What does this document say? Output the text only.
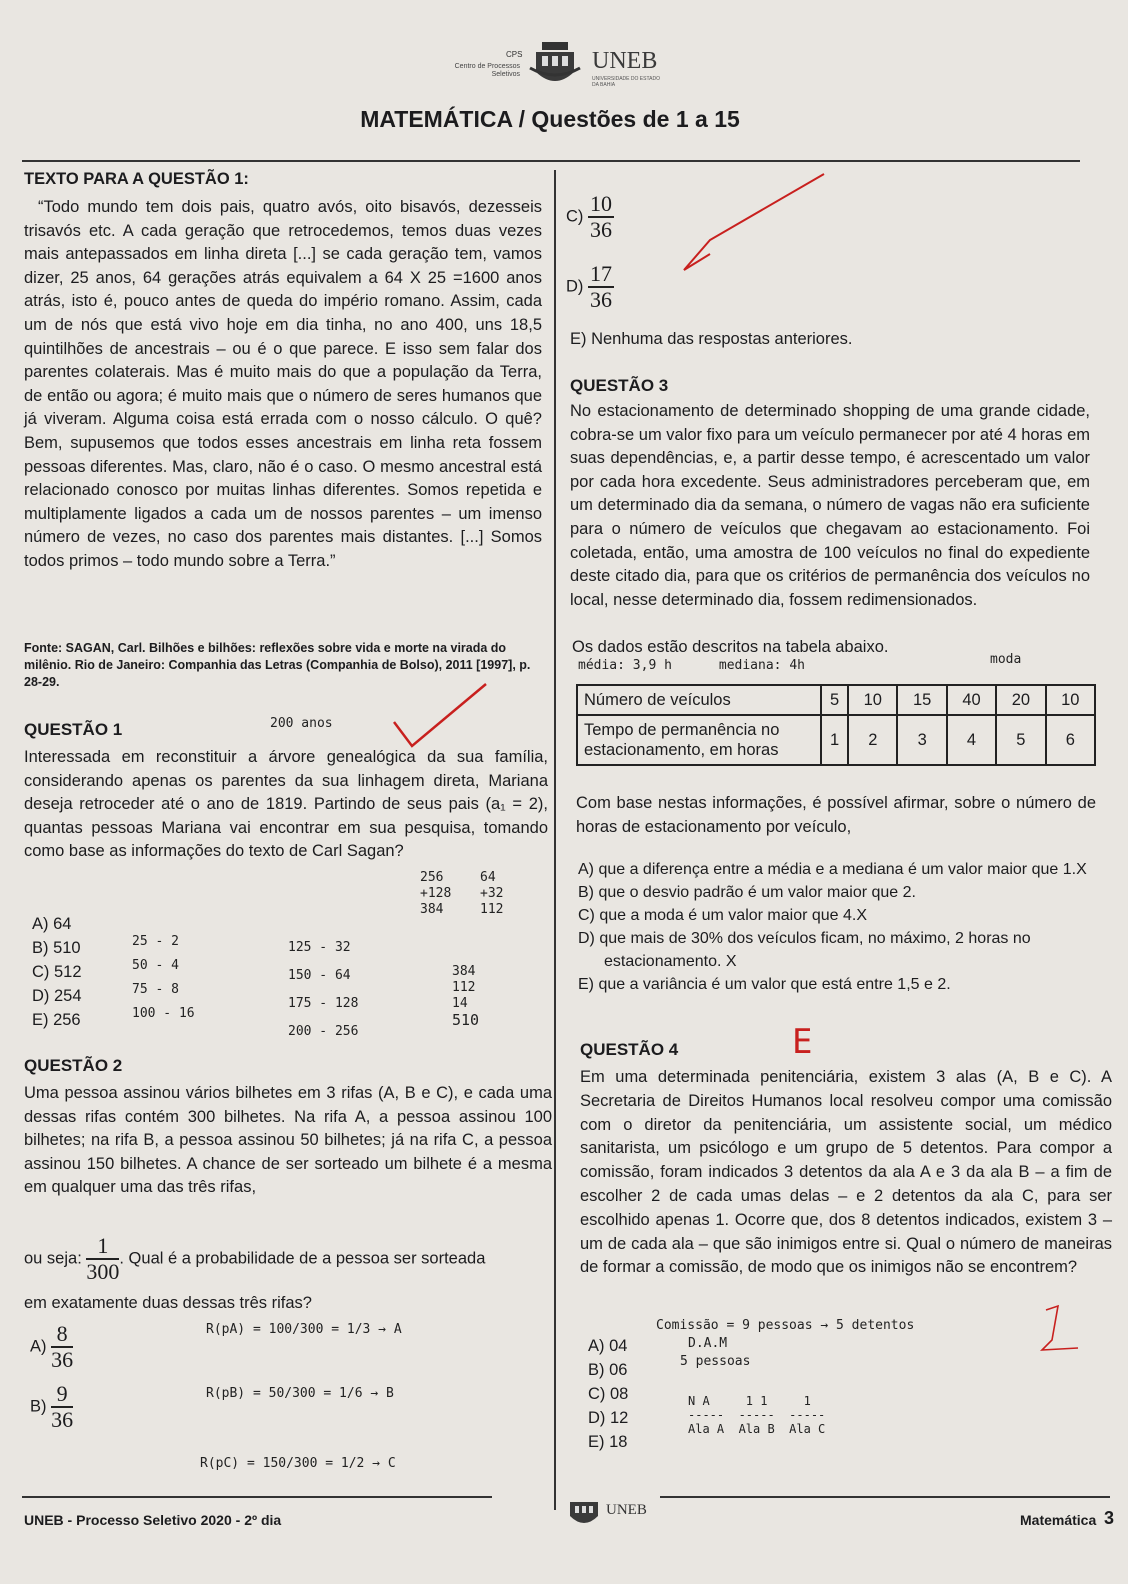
CPS
Centro de Processos Seletivos
UNEB
UNIVERSIDADE DO ESTADO DA BAHIA
MATEMÁTICA / Questões de 1 a 15
TEXTO PARA A QUESTÃO 1:

“Todo mundo tem dois pais, quatro avós, oito bisavós, dezesseis trisavós etc. A cada geração que retrocedemos, temos duas vezes mais antepassados em linha direta [...] se cada geração tem, vamos dizer, 25 anos, 64 gerações atrás equivalem a 64 X 25 =1600 anos atrás, isto é, pouco antes de queda do império romano. Assim, cada um de nós que está vivo hoje em dia tinha, no ano 400, uns 18,5 quintilhões de ancestrais – ou é o que parece. E isso sem falar dos parentes colaterais. Mas é muito mais do que a população da Terra, de então ou agora; é muito mais que o número de seres humanos que já viveram. Alguma coisa está errada com o nosso cálculo. O quê? Bem, supusemos que todos esses ancestrais em linha reta fossem pessoas diferentes. Mas, claro, não é o caso. O mesmo ancestral está relacionado conosco por muitas linhas diferentes. Somos repetida e multiplamente ligados a cada um de nossos parentes – um imenso número de vezes, no caso dos parentes mais distantes. [...] Somos todos primos – todo mundo sobre a Terra.”

Fonte: SAGAN, Carl. Bilhões e bilhões: reflexões sobre vida e morte na virada do milênio. Rio de Janeiro: Companhia das Letras (Companhia de Bolso), 2011 [1997], p. 28-29.

QUESTÃO 1	200 anos

Interessada em reconstituir a árvore genealógica da sua família, considerando apenas os parentes da sua linhagem direta, Mariana deseja retroceder até o ano de 1819. Partindo de seus pais (a₁ = 2), quantas pessoas Mariana vai encontrar em sua pesquisa, tomando como base as informações do texto de Carl Sagan?

A) 64
B) 510
C) 512
D) 254
E) 256
25 - 2
50 - 4
75 - 8
100 - 16
125 - 32
150 - 64
175 - 128
200 - 256
256
+128
384
64
+32
112
384
112
14
510
QUESTÃO 2

Uma pessoa assinou vários bilhetes em 3 rifas (A, B e C), e cada uma dessas rifas contém 300 bilhetes. Na rifa A, a pessoa assinou 100 bilhetes; na rifa B, a pessoa assinou 50 bilhetes; já na rifa C, a pessoa assinou 150 bilhetes. A chance de ser sorteado um bilhete é a mesma em qualquer uma das três rifas,

ou seja: $\frac{1}{300}$ . Qual é a probabilidade de a pessoa ser sorteada
em exatamente duas dessas três rifas?
$A) \frac{8}{36}$
$B) \frac{9}{36}$
R(pA) = 100/300 = 1/3 → A
R(pB) = 50/300 = 1/6 → B
R(pC) = 150/300 = 1/2 → C
$C) \frac{10}{36}$
$D) \frac{17}{36}$
E) Nenhuma das respostas anteriores.
QUESTÃO 3

No estacionamento de determinado shopping de uma grande cidade, cobra-se um valor fixo para um veículo permanecer por até 4 horas em suas dependências, e, a partir desse tempo, é acrescentado um valor por cada hora excedente. Seus administradores perceberam que, em um determinado dia da semana, o número de vagas não era suficiente para o número de veículos que chegavam ao estacionamento. Foi coletada, então, uma amostra de 100 veículos no final do expediente deste citado dia, para que os critérios de permanência dos veículos no local, nesse determinado dia, fossem redimensionados.

Os dados estão descritos na tabela abaixo.
média: 3,9 h      mediana: 4h	moda
Número de veículos	5	10	15	40	20	10
Tempo de permanência no estacionamento, em horas	1	2	3	4	5	6

Com base nestas informações, é possível afirmar, sobre o número de horas de estacionamento por veículo,

A) que a diferença entre a média e a mediana é um valor maior que 1.X
B) que o desvio padrão é um valor maior que 2.
C) que a moda é um valor maior que 4.X
D) que mais de 30% dos veículos ficam, no máximo, 2 horas no estacionamento. X
E) que a variância é um valor que está entre 1,5 e 2.
E
QUESTÃO 4

Em uma determinada penitenciária, existem 3 alas (A, B e C). A Secretaria de Direitos Humanos local resolveu compor uma comissão com o diretor da penitenciária, um assistente social, um médico sanitarista, um psicólogo e um grupo de 5 detentos. Para compor a comissão, foram indicados 3 detentos da ala A e 3 da ala B – a fim de escolher 2 de cada umas delas – e 2 detentos da ala C, para ser escolhido apenas 1. Ocorre que, dos 8 detentos indicados, existem 3 – um de cada ala – que são inimigos entre si. Qual o número de maneiras de formar a comissão, de modo que os inimigos não se encontrem?

Comissão = 9 pessoas → 5 detentos
A) 04
B) 06
C) 08
D) 12
E) 18
D.A.M
5 pessoas
N A     1 1     1
-----  -----  -----
Ala A  Ala B  Ala C
UNEB - Processo Seletivo 2020 - 2º dia
UNEB
Matemática 3
